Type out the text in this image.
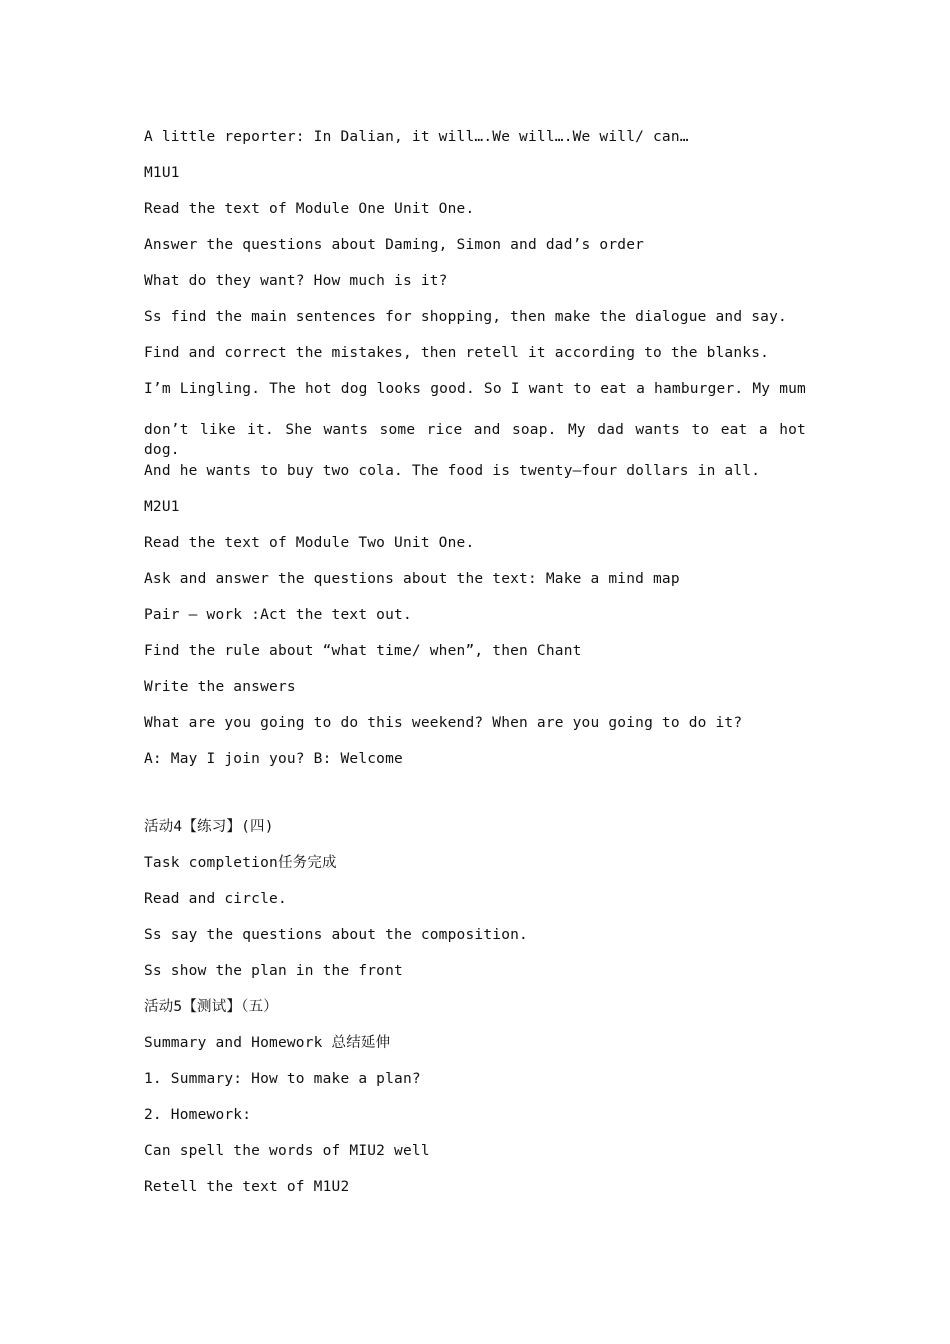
A little reporter: In Dalian, it will….We will….We will/ can…
M1U1
Read the text of Module One Unit One.
Answer the questions about Daming, Simon and dad’s order
What do they want? How much is it?
Ss find the main sentences for shopping, then make the dialogue and say.
Find and correct the mistakes, then retell it according to the blanks.
I’m Lingling. The hot dog looks good. So I want to eat a hamburger. My mum
don’t like it. She wants some rice and soap. My dad wants to eat a hot dog.
And he wants to buy two cola. The food is twenty—four dollars in all.
M2U1
Read the text of Module Two Unit One.
Ask and answer the questions about the text: Make a mind map
Pair – work :Act the text out.
Find the rule about “what time/ when”, then Chant
Write the answers
What are you going to do this weekend? When are you going to do it?
A: May I join you? B: Welcome
活动4【练习】(四)
Task completion任务完成
Read and circle.
Ss say the questions about the composition.
Ss show the plan in the front
活动5【测试】（五）
Summary and Homework 总结延伸
1. Summary: How to make a plan?
2. Homework:
Can spell the words of MIU2 well
Retell the text of M1U2
